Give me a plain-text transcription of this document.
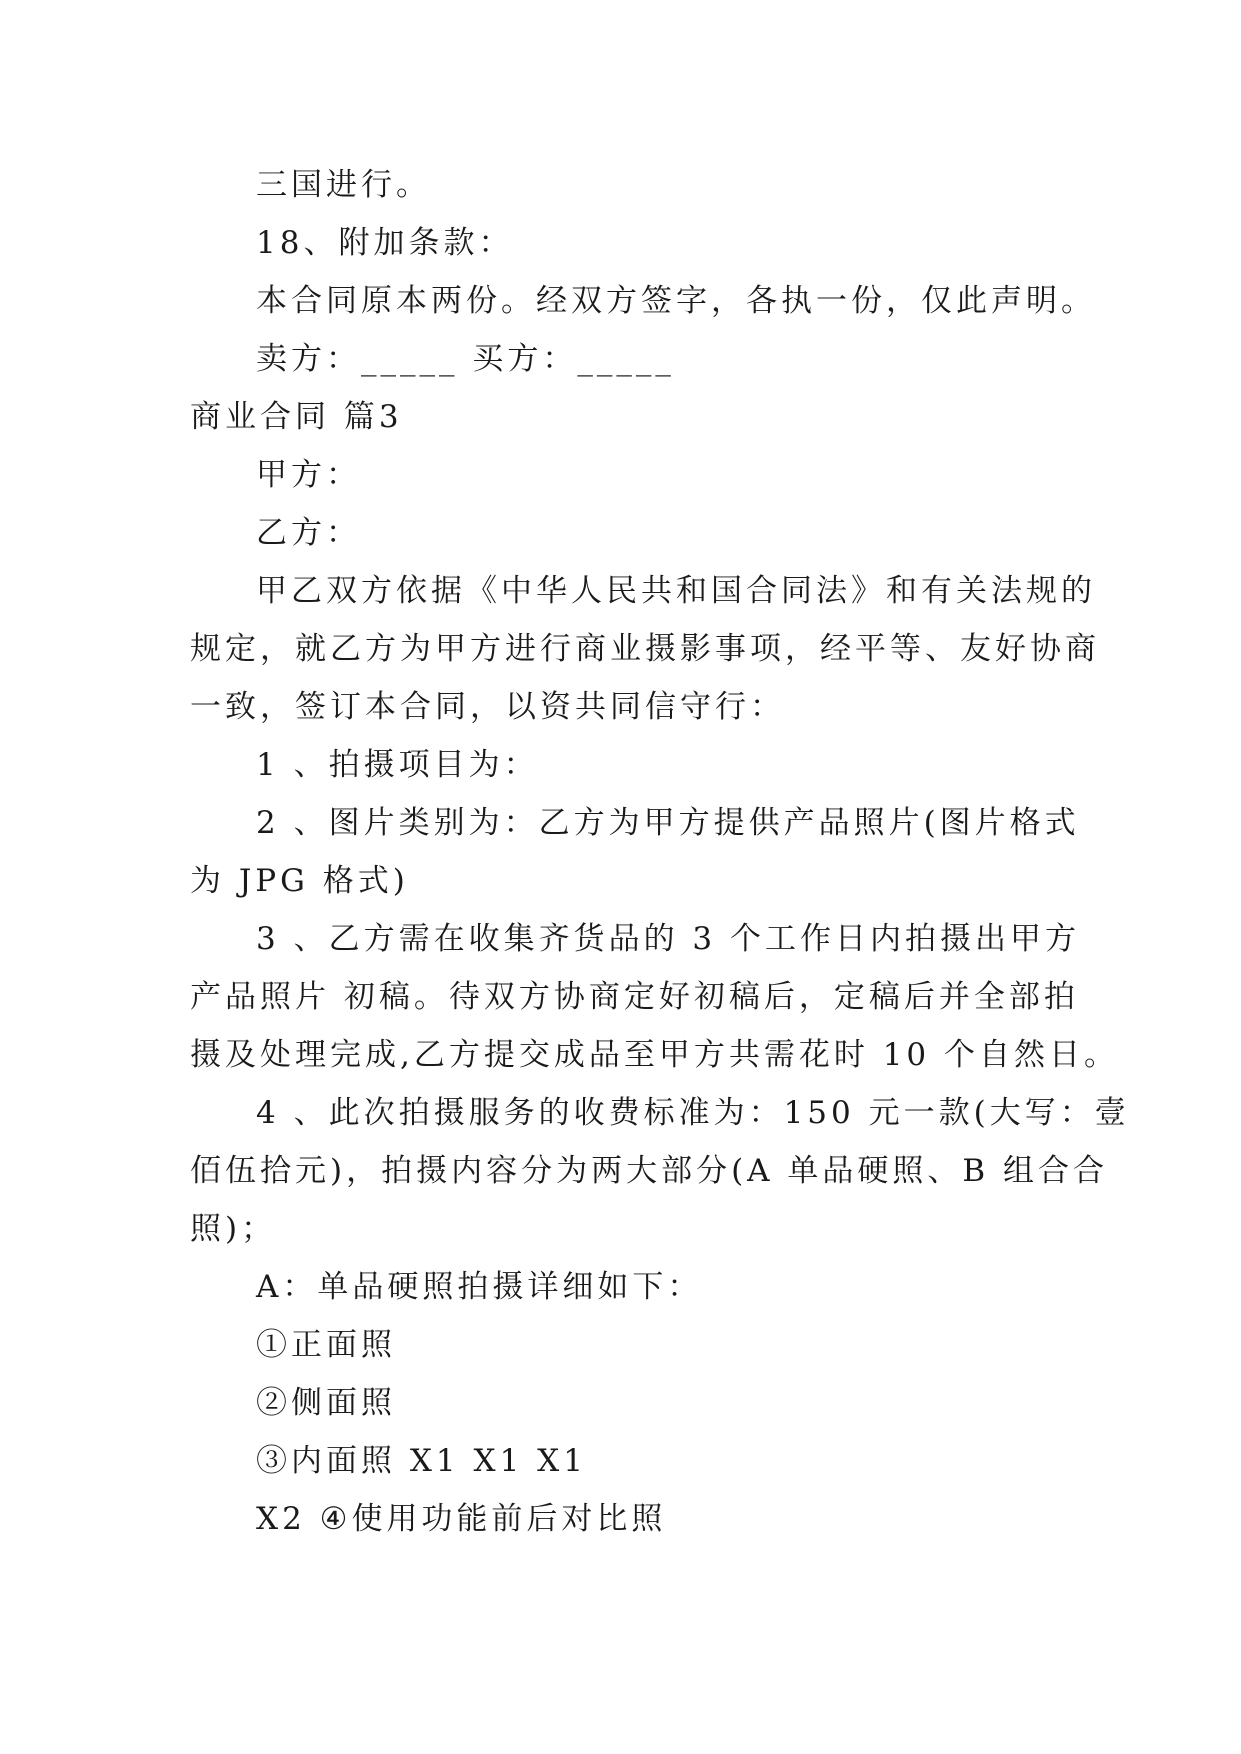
三国进行。
18、附加条款：
本合同原本两份。经双方签字，各执一份，仅此声明。
卖方：_____ 买方：_____
商业合同 篇3
甲方：
乙方：
甲乙双方依据《中华人民共和国合同法》和有关法规的
规定，就乙方为甲方进行商业摄影事项，经平等、友好协商
一致，签订本合同，以资共同信守行：
1 、拍摄项目为：
2 、图片类别为：乙方为甲方提供产品照片(图片格式
为 JPG 格式)
3 、乙方需在收集齐货品的 3 个工作日内拍摄出甲方
产品照片 初稿。待双方协商定好初稿后，定稿后并全部拍
摄及处理完成,乙方提交成品至甲方共需花时 10 个自然日。
4 、此次拍摄服务的收费标准为：150 元一款(大写：壹
佰伍拾元)，拍摄内容分为两大部分(A 单品硬照、B 组合合
照)；
A：单品硬照拍摄详细如下：
①正面照
②侧面照
③内面照 X1 X1 X1
X2 ④使用功能前后对比照
